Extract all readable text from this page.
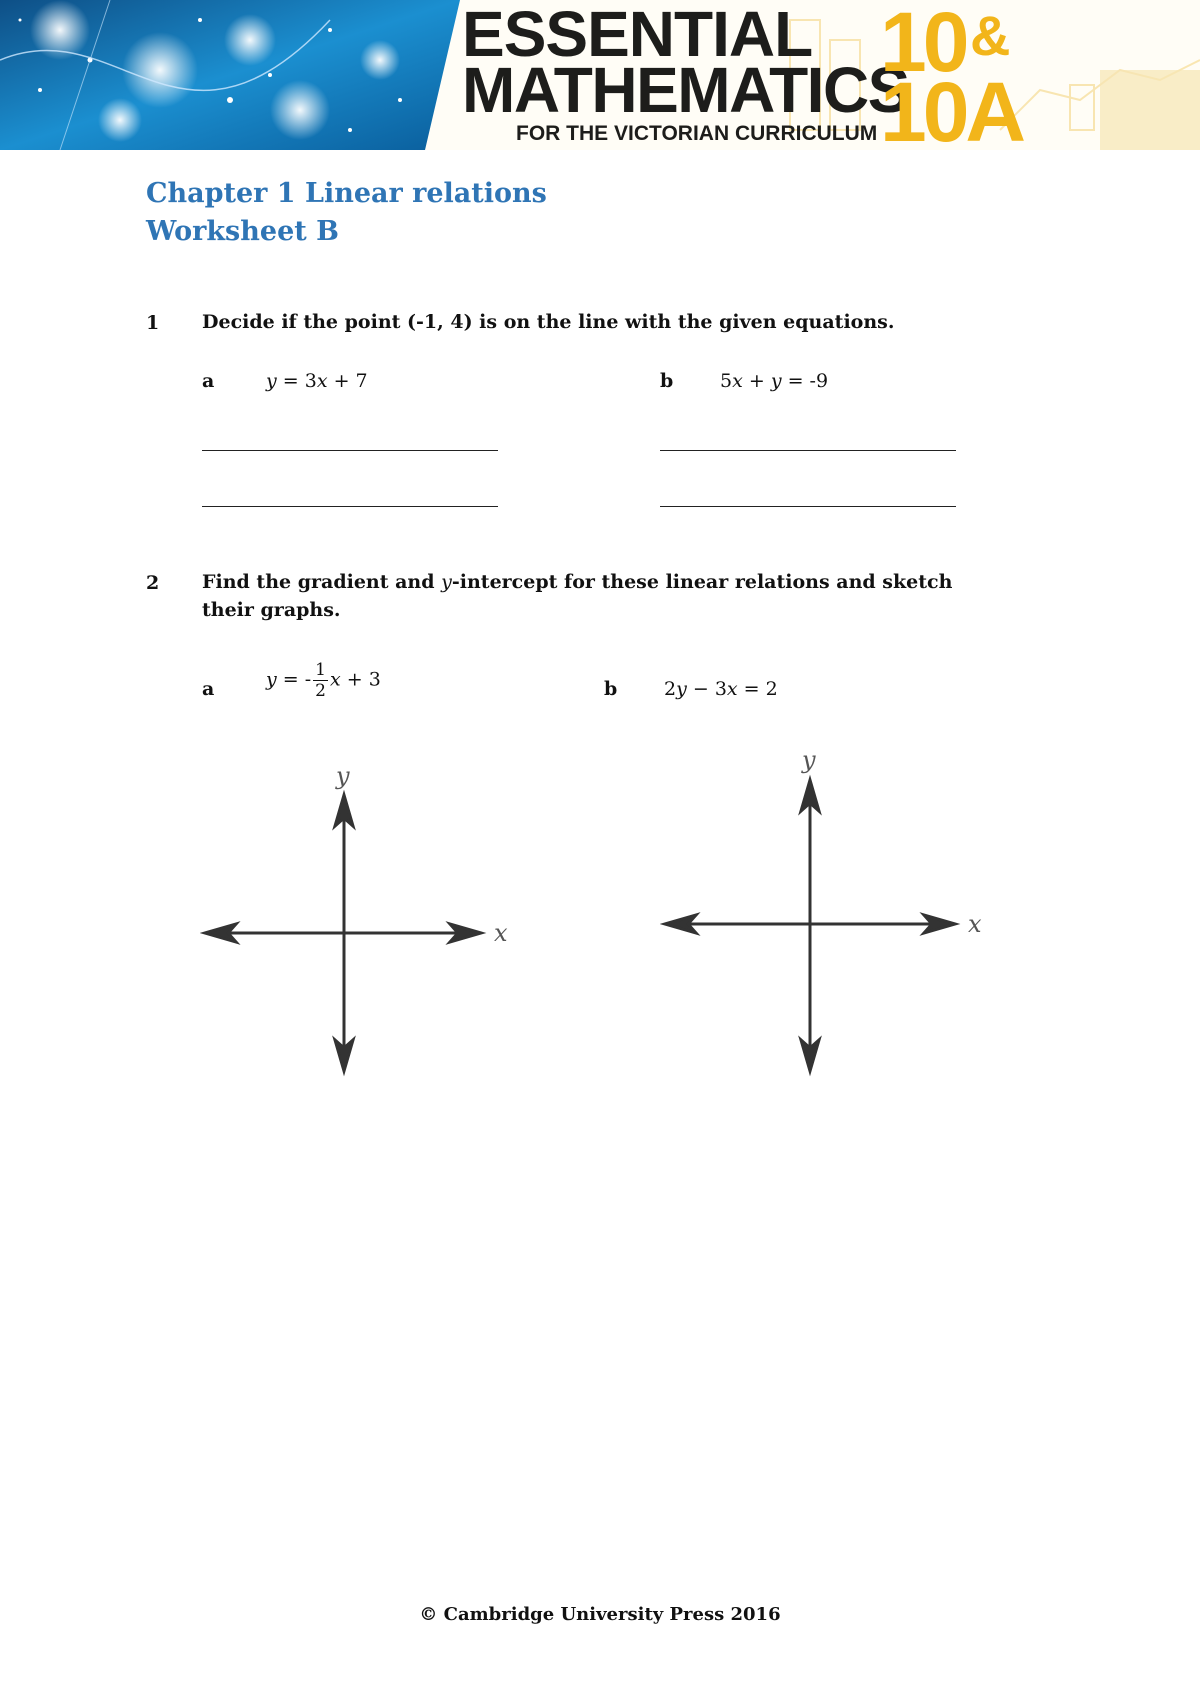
ESSENTIAL
MATHEMATICS
FOR THE VICTORIAN CURRICULUM
10 &
10A
Chapter 1 Linear relations
Worksheet B
1 Decide if the point (-1, 4) is on the line with the given equations.
a	y = 3x + 7	b 5x + y = -9
2 Find the gradient and y-intercept for these linear relations and sketch their graphs.
a	y = - $\frac{1}{2}$ x + 3	b 2y − 3x = 2
y
x
y
x
© Cambridge University Press 2016
